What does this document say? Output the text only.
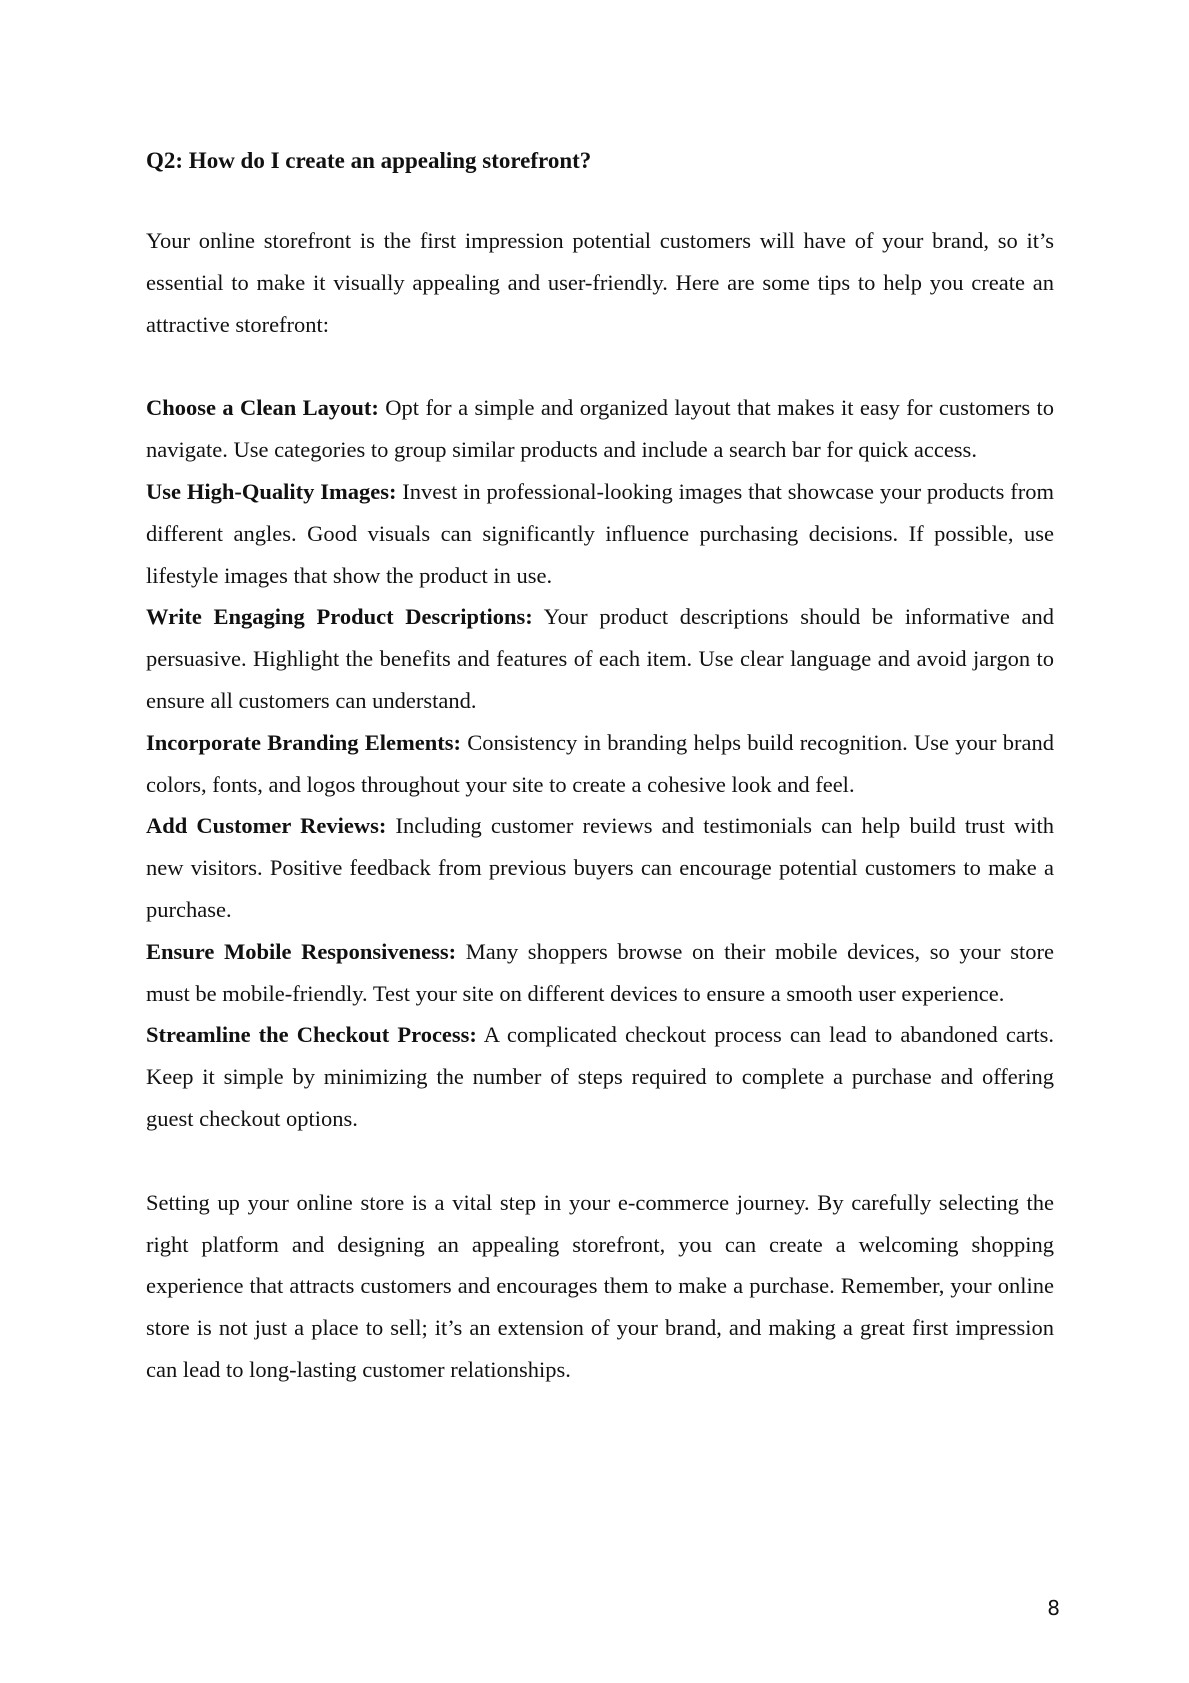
Q2: How do I create an appealing storefront?

Your online storefront is the first impression potential customers will have of your brand, so it’s essential to make it visually appealing and user-friendly. Here are some tips to help you create an attractive storefront:

Choose a Clean Layout: Opt for a simple and organized layout that makes it easy for customers to navigate. Use categories to group similar products and include a search bar for quick access.

Use High-Quality Images: Invest in professional-looking images that showcase your products from different angles. Good visuals can significantly influence purchasing decisions. If possible, use lifestyle images that show the product in use.

Write Engaging Product Descriptions: Your product descriptions should be informative and persuasive. Highlight the benefits and features of each item. Use clear language and avoid jargon to ensure all customers can understand.

Incorporate Branding Elements: Consistency in branding helps build recognition. Use your brand colors, fonts, and logos throughout your site to create a cohesive look and feel.

Add Customer Reviews: Including customer reviews and testimonials can help build trust with new visitors. Positive feedback from previous buyers can encourage potential customers to make a purchase.

Ensure Mobile Responsiveness: Many shoppers browse on their mobile devices, so your store must be mobile-friendly. Test your site on different devices to ensure a smooth user experience.

Streamline the Checkout Process: A complicated checkout process can lead to abandoned carts. Keep it simple by minimizing the number of steps required to complete a purchase and offering guest checkout options.

Setting up your online store is a vital step in your e-commerce journey. By carefully selecting the right platform and designing an appealing storefront, you can create a welcoming shopping experience that attracts customers and encourages them to make a purchase. Remember, your online store is not just a place to sell; it’s an extension of your brand, and making a great first impression can lead to long-lasting customer relationships.

8
